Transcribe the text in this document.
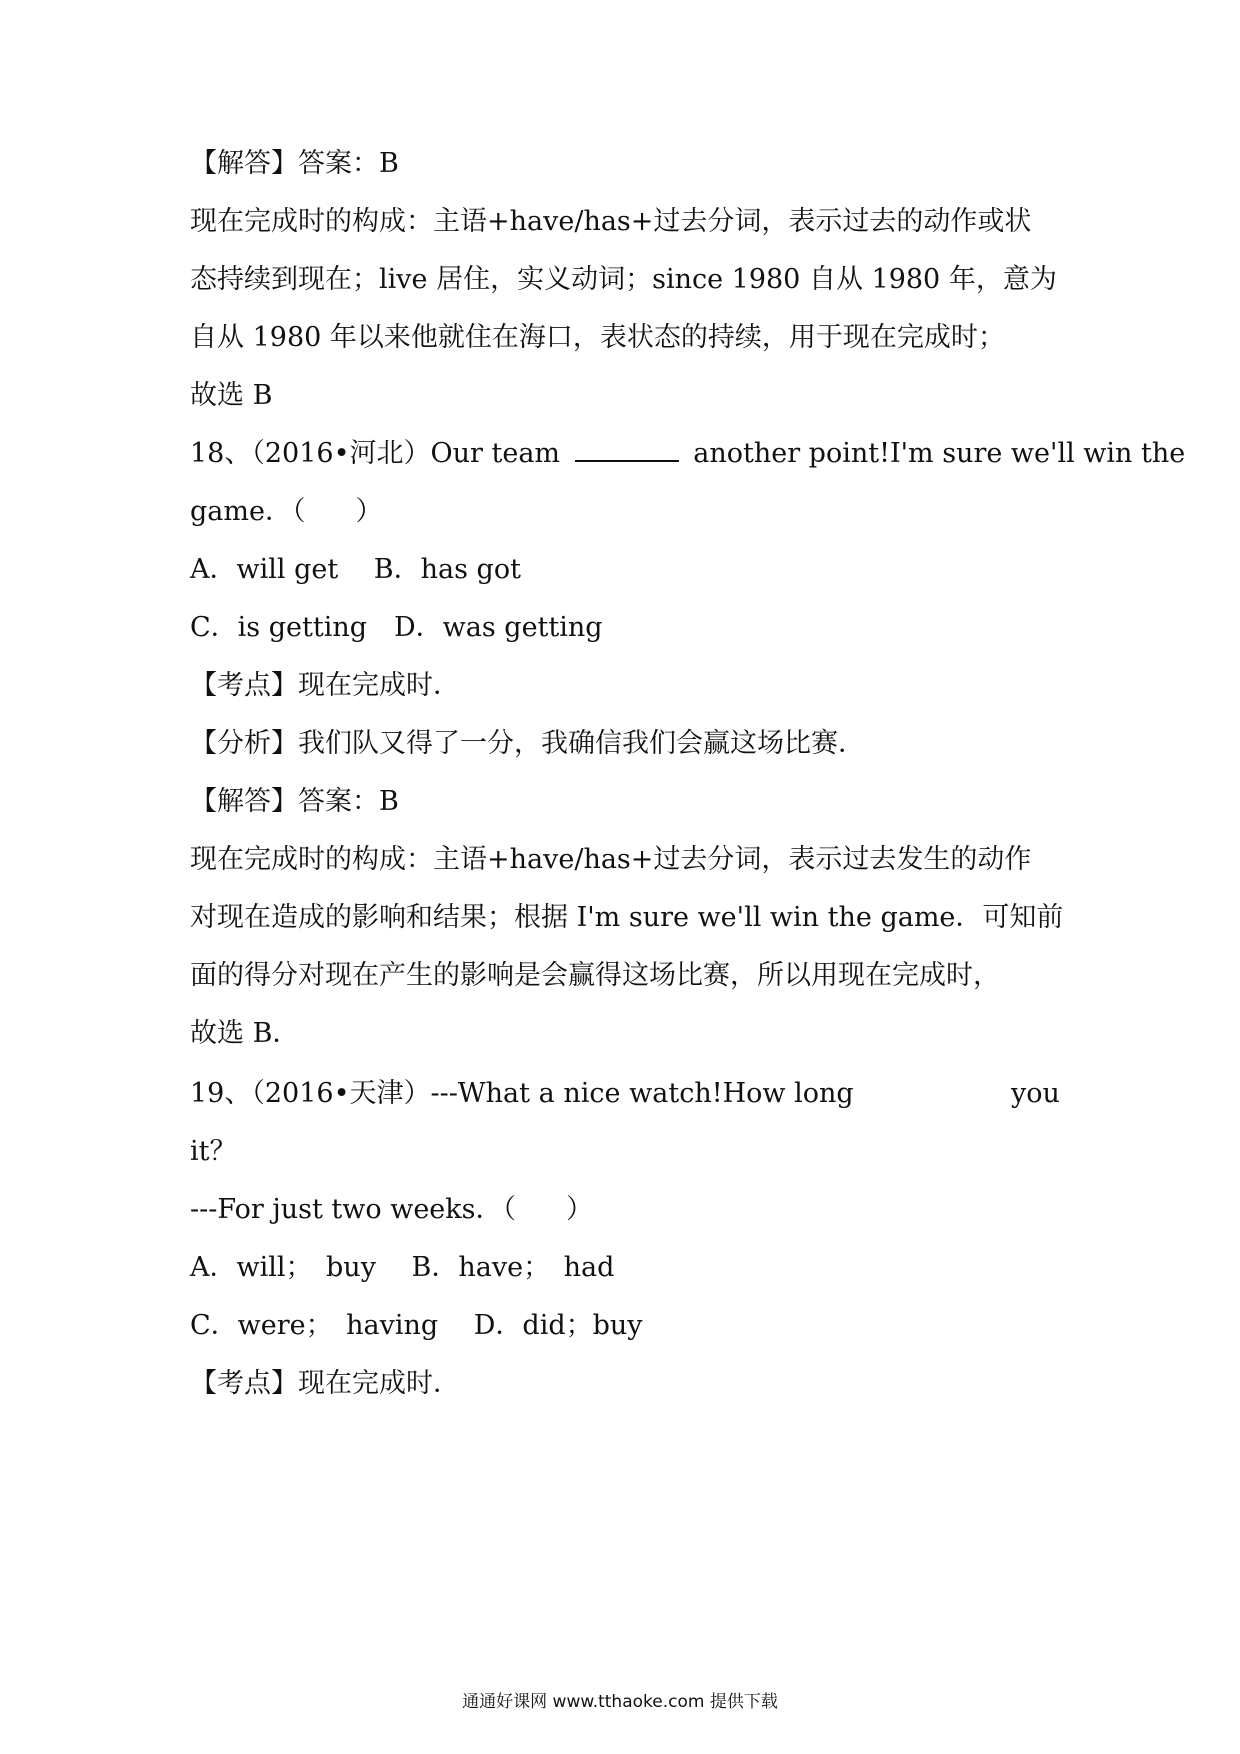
【解答】答案：B
现在完成时的构成：主语+have/has+过去分词，表示过去的动作或状
态持续到现在；live 居住，实义动词；since 1980 自从 1980 年，意为
自从 1980 年以来他就住在海口，表状态的持续，用于现在完成时；
故选 B
18、（2016•河北）Our team	another point!I'm sure we'll win the
game．（ ）
A．will get　 B．has got
C．is getting　D．was getting
【考点】现在完成时．
【分析】我们队又得了一分，我确信我们会赢这场比赛．
【解答】答案：B
现在完成时的构成：主语+have/has+过去分词，表示过去发生的动作
对现在造成的影响和结果；根据 I'm sure we'll win the game．可知前
面的得分对现在产生的影响是会赢得这场比赛，所以用现在完成时，
故选 B．
19、（2016•天津）---What a nice watch!How long	you
it？
---For just two weeks．（ ）
A．will；　buy　 B．have；　had
C．were；　having　 D．did；buy
【考点】现在完成时．
通通好课网 www.tthaoke.com 提供下载
